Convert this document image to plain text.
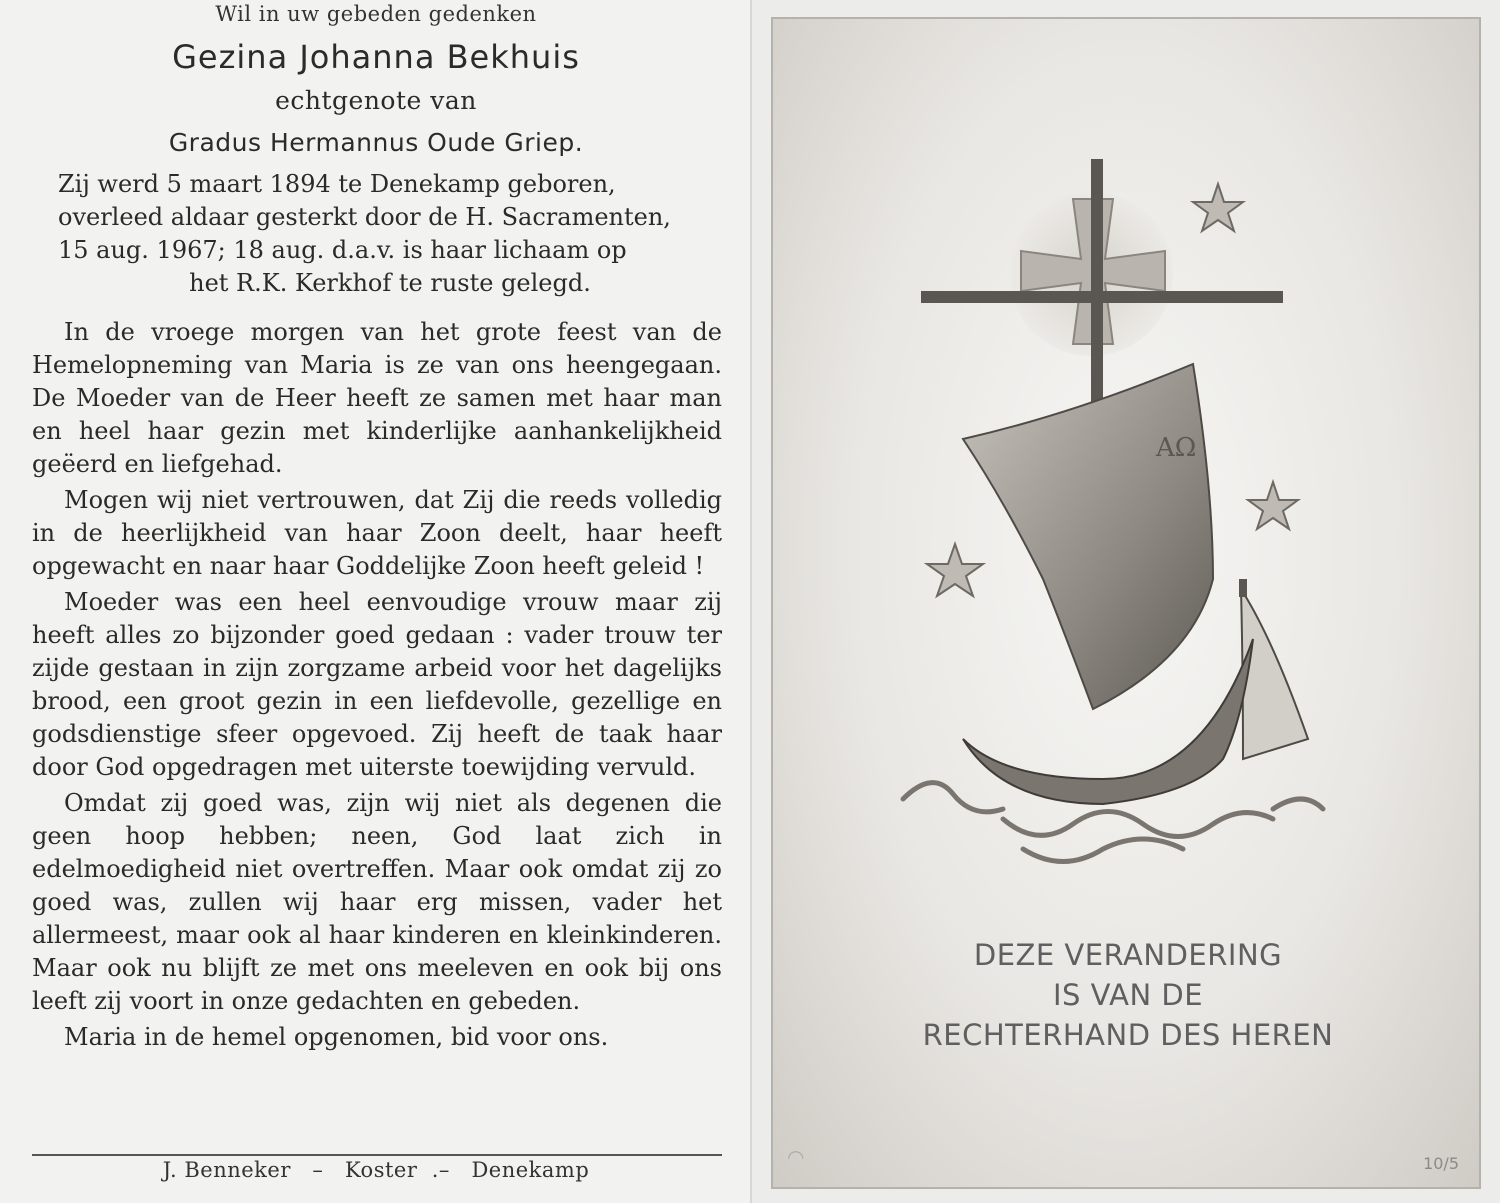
Wil in uw gebeden gedenken
Gezina Johanna Bekhuis
echtgenote van
Gradus Hermannus Oude Griep.

Zij werd 5 maart 1894 te Denekamp geboren,

overleed aldaar gesterkt door de H. Sacramenten,

15 aug. 1967; 18 aug. d.a.v. is haar lichaam op

het R.K. Kerkhof te ruste gelegd.

In de vroege morgen van het grote feest van de Hemelopneming van Maria is ze van ons heengegaan. De Moeder van de Heer heeft ze samen met haar man en heel haar gezin met kinderlijke aanhankelijkheid geëerd en liefgehad.

Mogen wij niet vertrouwen, dat Zij die reeds volledig in de heerlijkheid van haar Zoon deelt, haar heeft opgewacht en naar haar Goddelijke Zoon heeft geleid !

Moeder was een heel eenvoudige vrouw maar zij heeft alles zo bijzonder goed gedaan : vader trouw ter zijde gestaan in zijn zorgzame arbeid voor het dagelijks brood, een groot gezin in een liefdevolle, gezellige en godsdienstige sfeer opgevoed. Zij heeft de taak haar door God opgedragen met uiterste toewijding vervuld.

Omdat zij goed was, zijn wij niet als degenen die geen hoop hebben; neen, God laat zich in edelmoedigheid niet overtreffen. Maar ook omdat zij zo goed was, zullen wij haar erg missen, vader het allermeest, maar ook al haar kinderen en kleinkinderen. Maar ook nu blijft ze met ons meeleven en ook bij ons leeft zij voort in onze gedachten en gebeden.

Maria in de hemel opgenomen, bid voor ons.

J. Benneker – Koster  .– Denekamp
AΩ
DEZE VERANDERING
IS VAN DE
RECHTERHAND DES HEREN
◠	10/5
